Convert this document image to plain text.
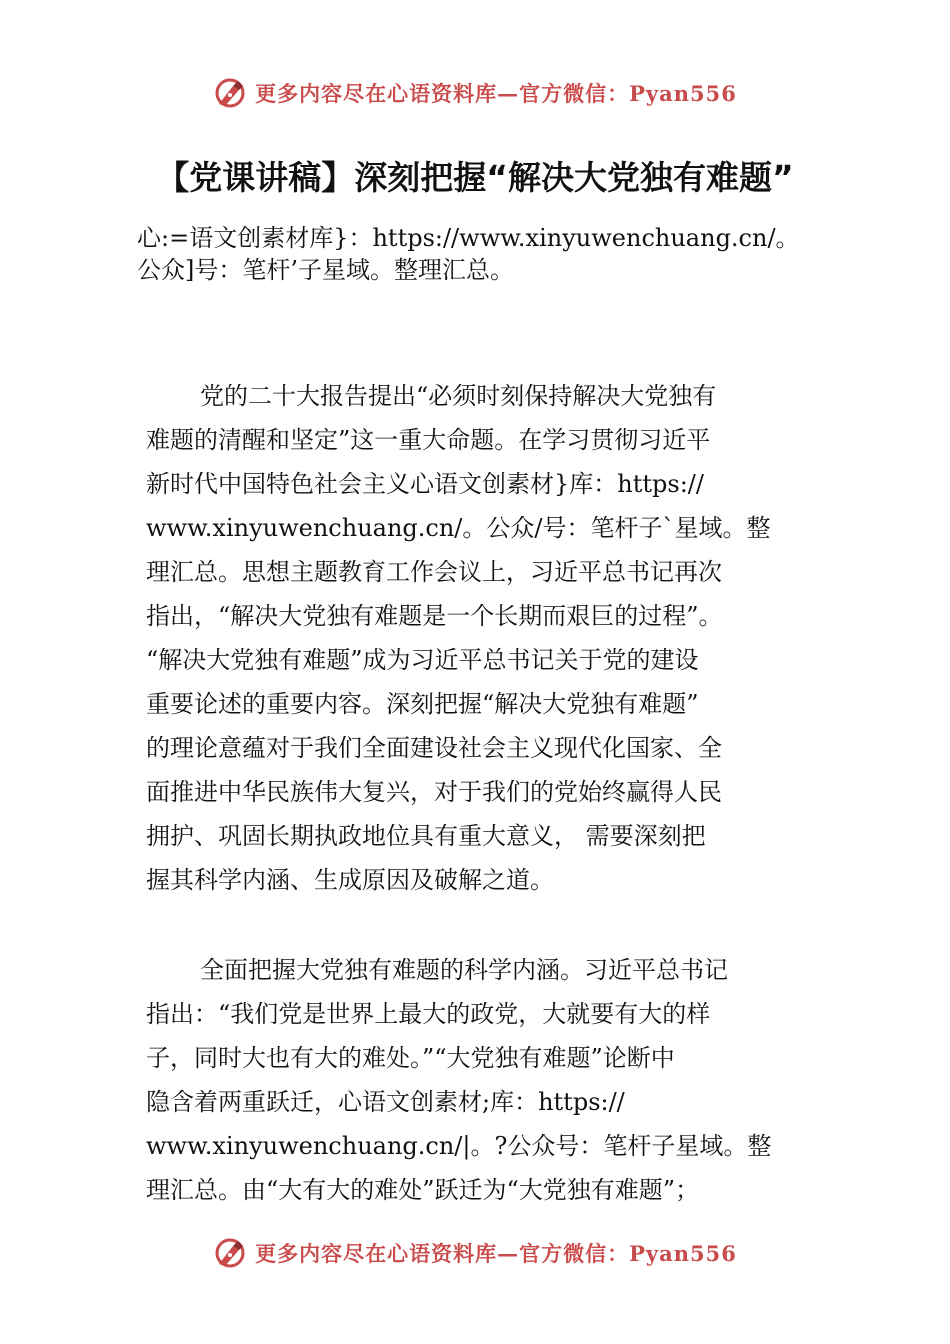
更多内容尽在心语资料库—官方微信：Pyan556
【党课讲稿】深刻把握“解决大党独有难题”
心:=语文创素材库}：https://www.xinyuwenchuang.cn/。
公众]号：笔杆’子星域。整理汇总。
党的二十大报告提出“必须时刻保持解决大党独有
难题的清醒和坚定”这一重大命题。在学习贯彻习近平
新时代中国特色社会主义心语文创素材}库：https://
www.xinyuwenchuang.cn/。公众/号：笔杆子`星域。整
理汇总。思想主题教育工作会议上，习近平总书记再次
指出，“解决大党独有难题是一个长期而艰巨的过程”。
“解决大党独有难题”成为习近平总书记关于党的建设
重要论述的重要内容。深刻把握“解决大党独有难题”
的理论意蕴对于我们全面建设社会主义现代化国家、全
面推进中华民族伟大复兴，对于我们的党始终赢得人民
拥护、巩固长期执政地位具有重大意义， 需要深刻把
握其科学内涵、生成原因及破解之道。
全面把握大党独有难题的科学内涵。习近平总书记
指出：“我们党是世界上最大的政党，大就要有大的样
子，同时大也有大的难处。”“大党独有难题”论断中
隐含着两重跃迁，心语文创素材;库：https://
www.xinyuwenchuang.cn/|。?公众号：笔杆子星域。整
理汇总。由“大有大的难处”跃迁为“大党独有难题”；
更多内容尽在心语资料库—官方微信：Pyan556
